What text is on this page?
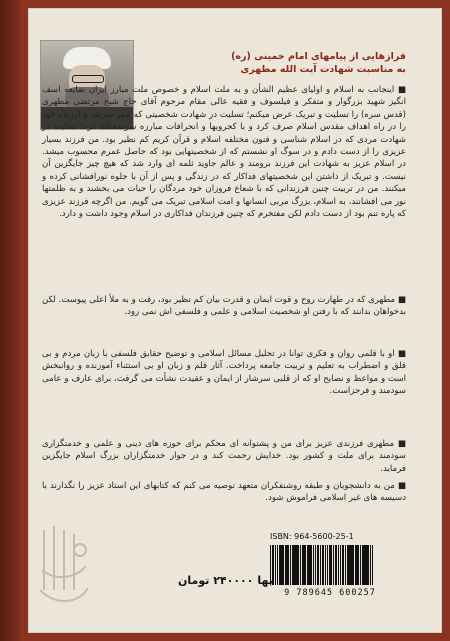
فرازهایی از پیامهای امام خمینی (ره)
به مناسبت شهادت آیت الله مطهری
■ اینجانب به اسلام و اولیای عظیم الشأن و به ملت اسلام و خصوص ملت مبارز ایران ضایعه اسف انگیز شهید بزرگوار و متفکر و فیلسوف و فقیه عالی مقام مرحوم آقای حاج شیخ مرتضی مطهری (قدس سره) را تسلیت و تبریک عرض میکنم؛ تسلیت در شهادت شخصیتی که عمر شریف و ارزنده خود را در راه اهداف مقدس اسلام صرف کرد و با کجرویها و انحرافات مبارزه سرسختانه کرد؛ تسلیت در شهادت مردی که در اسلام شناسی و فنون مختلفه اسلام و قرآن کریم کم نظیر بود. من فرزند بسیار عزیزی را از دست دادم و در سوگ او نشستم که از شخصیتهایی بود که حاصل عمرم محسوب میشد. در اسلام عزیز به شهادت این فرزند برومند و عالم جاوید ثلمه ای وارد شد که هیچ چیز جایگزین آن نیست. و تبریک از داشتن این شخصیتهای فداکار که در زندگی و پس از آن با جلوه نورافشانی کرده و میکنند. من در تربیت چنین فرزندانی که با شعاع فروزان خود مردگان را حیات می بخشند و به ظلمتها نور می افشانند، به اسلام، بزرگ مربی انسانها و امت اسلامی تبریک می گویم. من اگرچه فرزند عزیزی که پاره تنم بود از دست دادم لکن مفتخرم که چنین فرزندان فداکاری در اسلام وجود داشت و دارد.
■ مطهری که در طهارت روح و قوت ایمان و قدرت بیان کم نظیر بود، رفت و به ملأ اعلی پیوست. لکن بدخواهان بدانند که با رفتن او شخصیت اسلامی و علمی و فلسفی اش نمی رود.
■ او با قلمی روان و فکری توانا در تحلیل مسائل اسلامی و توضیح حقایق فلسفی با زبان مردم و بی قلق و اضطراب به تعلیم و تربیت جامعه پرداخت. آثار قلم و زبان او بی استثناء آموزنده و روانبخش است و مواعظ و نصایح او که از قلبی سرشار از ایمان و عقیدت نشأت می گرفت، برای عارف و عامی سودمند و فرحزاست.
■ مطهری فرزندی عزیز برای من و پشتوانه ای محکم برای حوزه های دینی و علمی و خدمتگزاری سودمند برای ملت و کشور بود. خدایش رحمت کند و در جوار خدمتگزاران بزرگ اسلام جایگزین فرماید.
■ من به دانشجویان و طبقه روشنفکران متعهد توصیه می کنم که کتابهای این استاد عزیز را نگذارند با دسیسه های غیر اسلامی فراموش شود.
ISBN: 964-5600-25-1
9 789645 600257
بها ۲۴۰۰۰۰ تومان
